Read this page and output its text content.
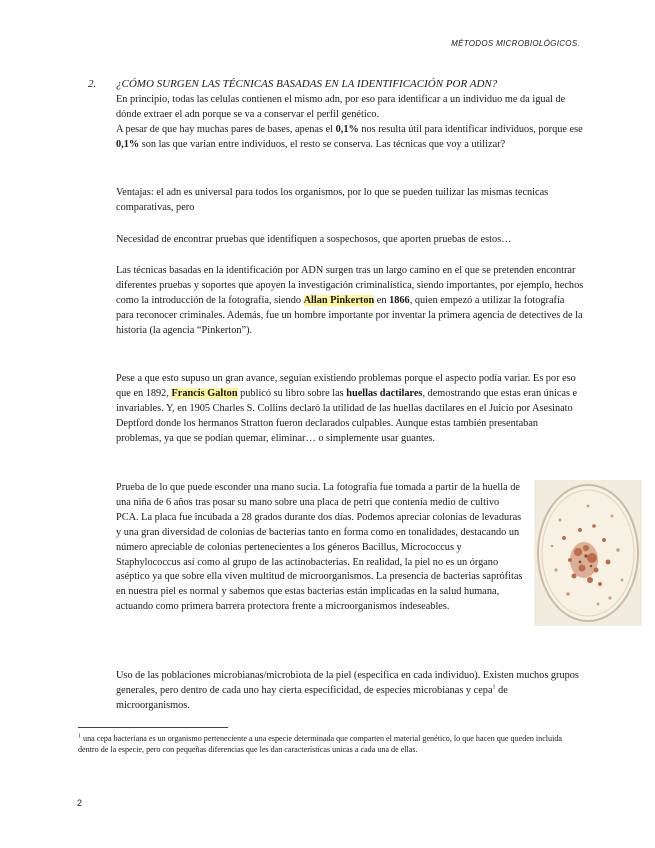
MÉTODOS MICROBIOLÓGICOS.
2. ¿CÓMO SURGEN LAS TÉCNICAS BASADAS EN LA IDENTIFICACIÓN POR ADN?

En principio, todas las celulas contienen el mismo adn, por eso para identificar a un individuo me da igual de dónde extraer el adn porque se va a conservar el perfil genético.

A pesar de que hay muchas pares de bases, apenas el 0,1% nos resulta útil para identificar individuos, porque ese 0,1% son las que varian entre individuos, el resto se conserva. Las técnicas que voy a utilizar?

Ventajas: el adn es universal para todos los organismos, por lo que se pueden tuilizar las mismas tecnicas comparativas, pero

Necesidad de encontrar pruebas que identifiquen a sospechosos, que aporten pruebas de estos…

Las técnicas basadas en la identificación por ADN surgen tras un largo camino en el que se pretenden encontrar diferentes pruebas y soportes que apoyen la investigación criminalística, siendo importantes, por ejemplo, hechos como la introducción de la fotografía, siendo Allan Pinkerton en 1866, quien empezó a utilizar la fotografía para reconocer criminales. Además, fue un hombre importante por inventar la primera agencia de detectives de la historia (la agencia “Pinkerton”).

Pese a que esto supuso un gran avance, seguían existiendo problemas porque el aspecto podía variar. Es por eso que en 1892, Francis Galton publicó su libro sobre las huellas dactilares, demostrando que estas eran únicas e invariables. Y, en 1905 Charles S. Collins declaró la utilidad de las huellas dactilares en el Juicio por Asesinato Deptford donde los hermanos Stratton fueron declarados culpables. Aunque estas también presentaban problemas, ya que se podían quemar, eliminar… o simplemente usar guantes.

Prueba de lo que puede esconder una mano sucia. La fotografía fue tomada a partir de la huella de una niña de 6 años tras posar su mano sobre una placa de petri que contenía medio de cultivo PCA. La placa fue incubada a 28 grados durante dos días. Podemos apreciar colonias de levaduras y una gran diversidad de colonias de bacterias tanto en forma como en tonalidades, destacando un número apreciable de colonias pertenecientes a los géneros Bacillus, Micrococcus y Staphylococcus así como al grupo de las actinobacterias. En realidad, la piel no es un órgano aséptico ya que sobre ella viven multitud de microorganismos. La presencia de bacterias saprófitas en nuestra piel es normal y sabemos que estas bacterias están implicadas en la salud humana, actuando como primera barrera protectora frente a microorganismos indeseables.

Uso de las poblaciones microbianas/microbiota de la piel (especifica en cada individuo). Existen muchos grupos generales, pero dentro de cada uno hay cierta especificidad, de especies microbianas y cepa$^1$ de microorganismos.

$^1$ una cepa bacteriana es un organismo perteneciente a una especie determinada que comparten el material genético, lo que hacen que queden incluida dentro de la especie, pero con pequeñas diferencias que les dan características unicas a cada una de ellas.
2
